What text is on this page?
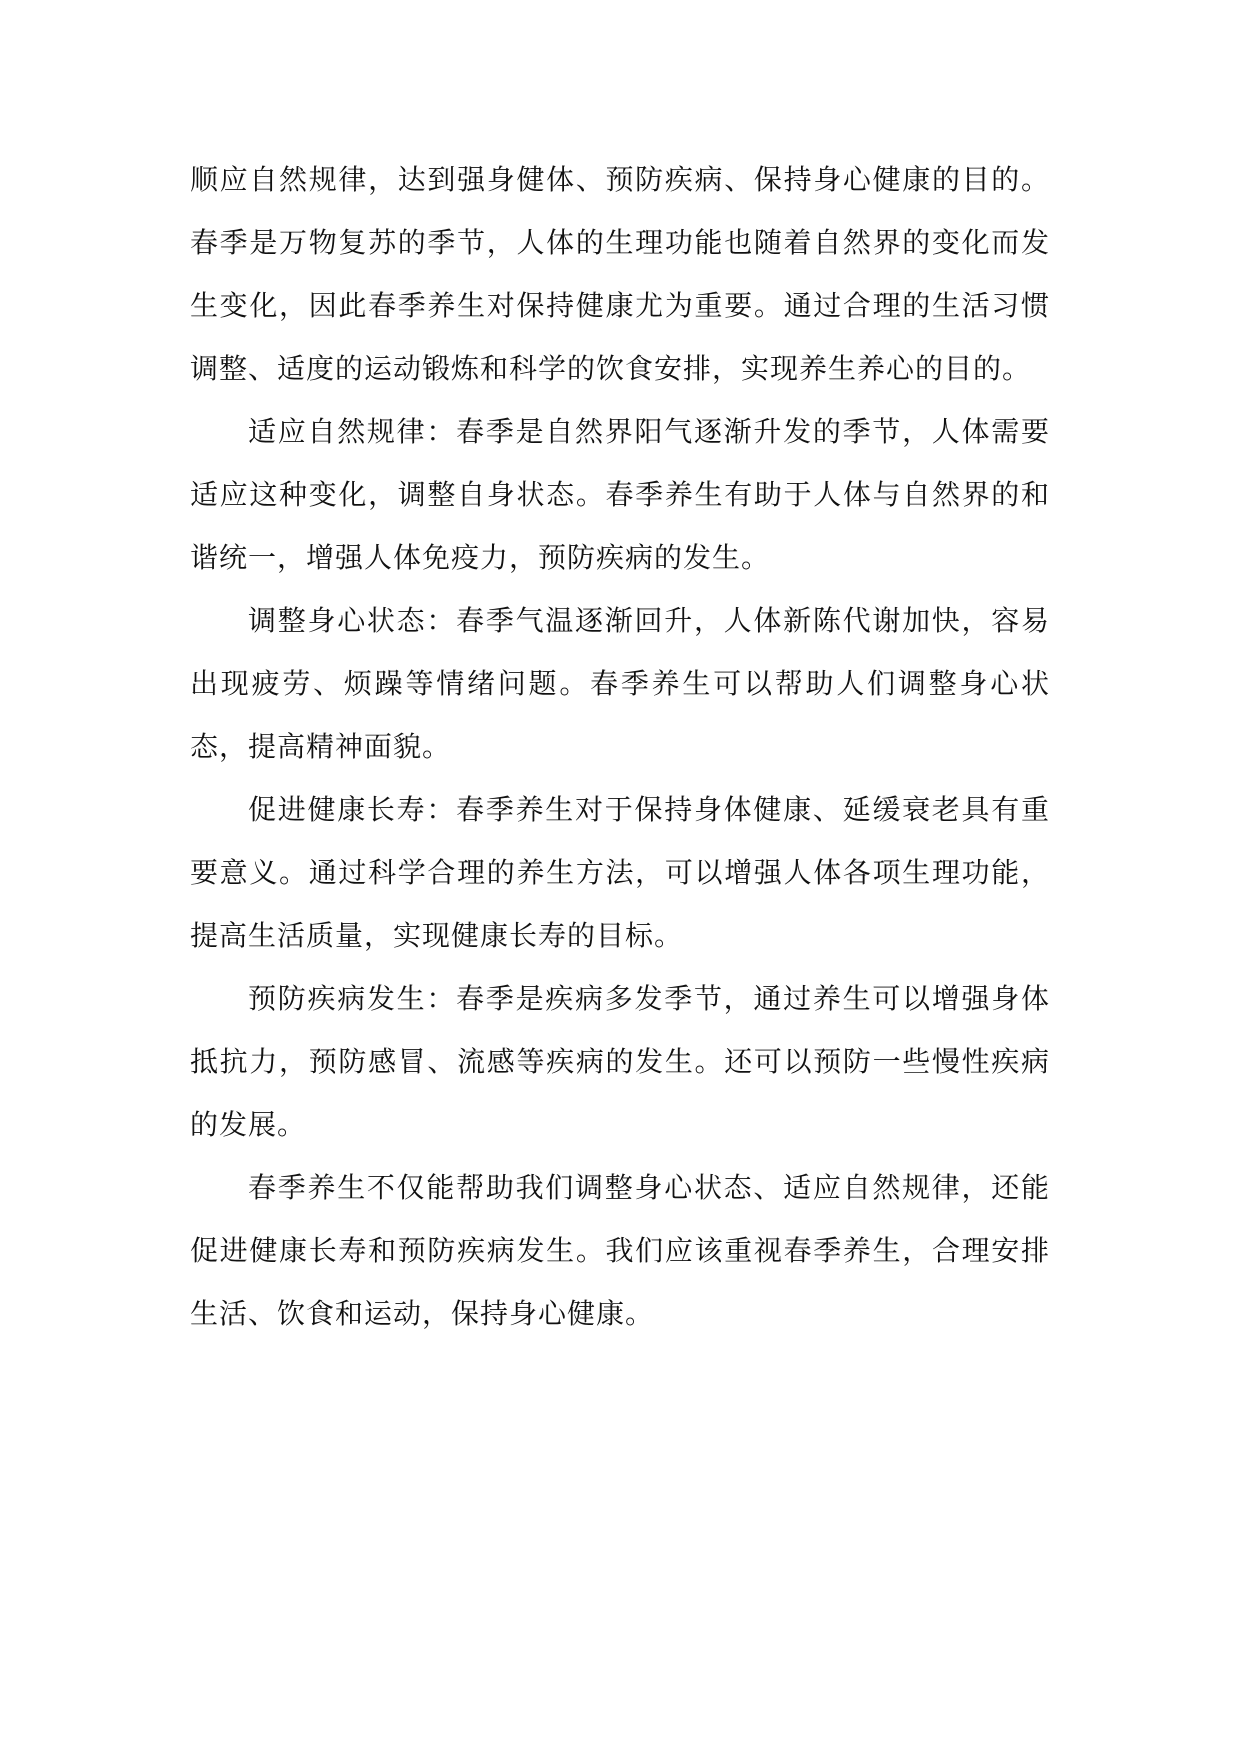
顺应自然规律，达到强身健体、预防疾病、保持身心健康的目的。春季是万物复苏的季节，人体的生理功能也随着自然界的变化而发生变化，因此春季养生对保持健康尤为重要。通过合理的生活习惯调整、适度的运动锻炼和科学的饮食安排，实现养生养心的目的。

适应自然规律：春季是自然界阳气逐渐升发的季节，人体需要适应这种变化，调整自身状态。春季养生有助于人体与自然界的和谐统一，增强人体免疫力，预防疾病的发生。

调整身心状态：春季气温逐渐回升，人体新陈代谢加快，容易出现疲劳、烦躁等情绪问题。春季养生可以帮助人们调整身心状态，提高精神面貌。

促进健康长寿：春季养生对于保持身体健康、延缓衰老具有重要意义。通过科学合理的养生方法，可以增强人体各项生理功能，提高生活质量，实现健康长寿的目标。

预防疾病发生：春季是疾病多发季节，通过养生可以增强身体抵抗力，预防感冒、流感等疾病的发生。还可以预防一些慢性疾病的发展。

春季养生不仅能帮助我们调整身心状态、适应自然规律，还能促进健康长寿和预防疾病发生。我们应该重视春季养生，合理安排生活、饮食和运动，保持身心健康。
